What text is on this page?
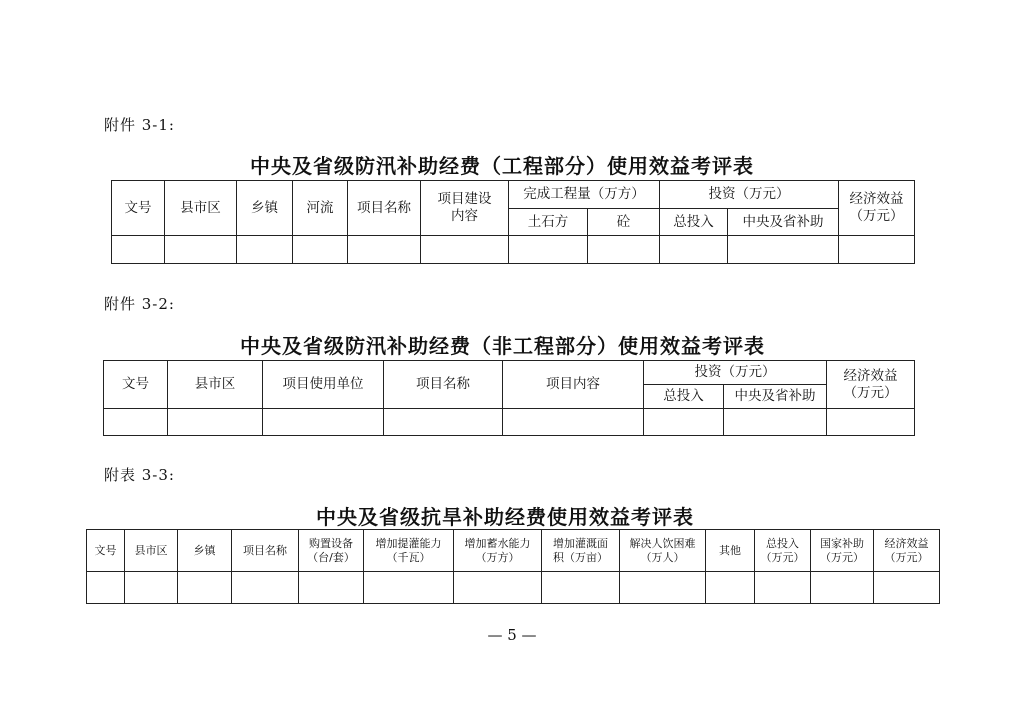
附件 3-1:
中央及省级防汛补助经费（工程部分）使用效益考评表
文号	县市区	乡镇	河流	项目名称	项目建设内容	完成工程量（万方）		投资（万元）		经济效益（万元）
						土石方	砼	总投入	中央及省补助	

附件 3-2:
中央及省级防汛补助经费（非工程部分）使用效益考评表
文号	县市区	项目使用单位	项目名称	项目内容	投资（万元）		经济效益（万元）
					总投入	中央及省补助	

附表 3-3:
中央及省级抗旱补助经费使用效益考评表
文号	县市区	乡镇	项目名称	购置设备（台/套）	增加提灌能力（千瓦）	增加蓄水能力（万方）	增加灌溉面积（万亩）	解决人饮困难（万人）	其他	总投入（万元）	国家补助（万元）	经济效益（万元）

— 5 —
